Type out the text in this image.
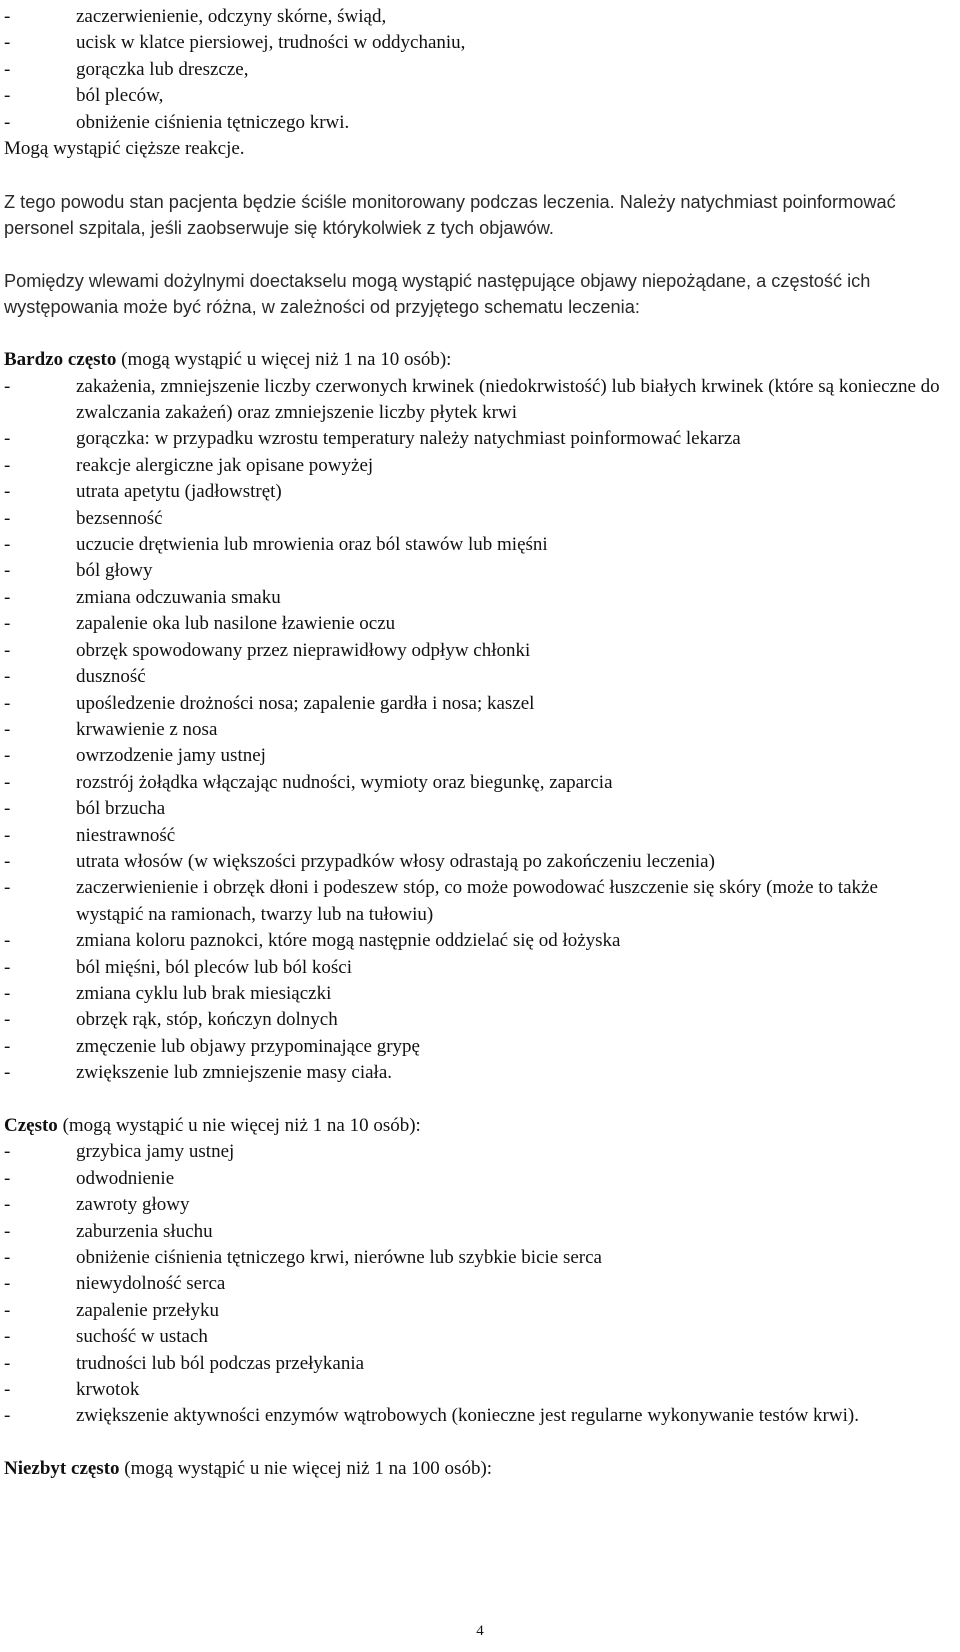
- zaczerwienienie, odczyny skórne, świąd,
- ucisk w klatce piersiowej, trudności w oddychaniu,
- gorączka lub dreszcze,
- ból pleców,
- obniżenie ciśnienia tętniczego krwi.

Mogą wystąpić cięższe reakcje.

Z tego powodu stan pacjenta będzie ściśle monitorowany podczas leczenia. Należy natychmiast poinformować personel szpitala, jeśli zaobserwuje się którykolwiek z tych objawów.

Pomiędzy wlewami dożylnymi doectakselu mogą wystąpić następujące objawy niepożądane, a częstość ich występowania może być różna, w zależności od przyjętego schematu leczenia:

Bardzo często (mogą wystąpić u więcej niż 1 na 10 osób):

- zakażenia, zmniejszenie liczby czerwonych krwinek (niedokrwistość) lub białych krwinek (które są konieczne do zwalczania zakażeń) oraz zmniejszenie liczby płytek krwi
- gorączka: w przypadku wzrostu temperatury należy natychmiast poinformować lekarza
- reakcje alergiczne jak opisane powyżej
- utrata apetytu (jadłowstręt)
- bezsenność
- uczucie drętwienia lub mrowienia oraz ból stawów lub mięśni
- ból głowy
- zmiana odczuwania smaku
- zapalenie oka lub nasilone łzawienie oczu
- obrzęk spowodowany przez nieprawidłowy odpływ chłonki
- duszność
- upośledzenie drożności nosa; zapalenie gardła i nosa; kaszel
- krwawienie z nosa
- owrzodzenie jamy ustnej
- rozstrój żołądka włączając nudności, wymioty oraz biegunkę, zaparcia
- ból brzucha
- niestrawność
- utrata włosów (w większości przypadków włosy odrastają po zakończeniu leczenia)
- zaczerwienienie i obrzęk dłoni i podeszew stóp, co może powodować łuszczenie się skóry (może to także wystąpić na ramionach, twarzy lub na tułowiu)
- zmiana koloru paznokci, które mogą następnie oddzielać się od łożyska
- ból mięśni, ból pleców lub ból kości
- zmiana cyklu lub brak miesiączki
- obrzęk rąk, stóp, kończyn dolnych
- zmęczenie lub objawy przypominające grypę
- zwiększenie lub zmniejszenie masy ciała.

Często (mogą wystąpić u nie więcej niż 1 na 10 osób):

- grzybica jamy ustnej
- odwodnienie
- zawroty głowy
- zaburzenia słuchu
- obniżenie ciśnienia tętniczego krwi, nierówne lub szybkie bicie serca
- niewydolność serca
- zapalenie przełyku
- suchość w ustach
- trudności lub ból podczas przełykania
- krwotok
- zwiększenie aktywności enzymów wątrobowych (konieczne jest regularne wykonywanie testów krwi).

Niezbyt często (mogą wystąpić u nie więcej niż 1 na 100 osób):

4
